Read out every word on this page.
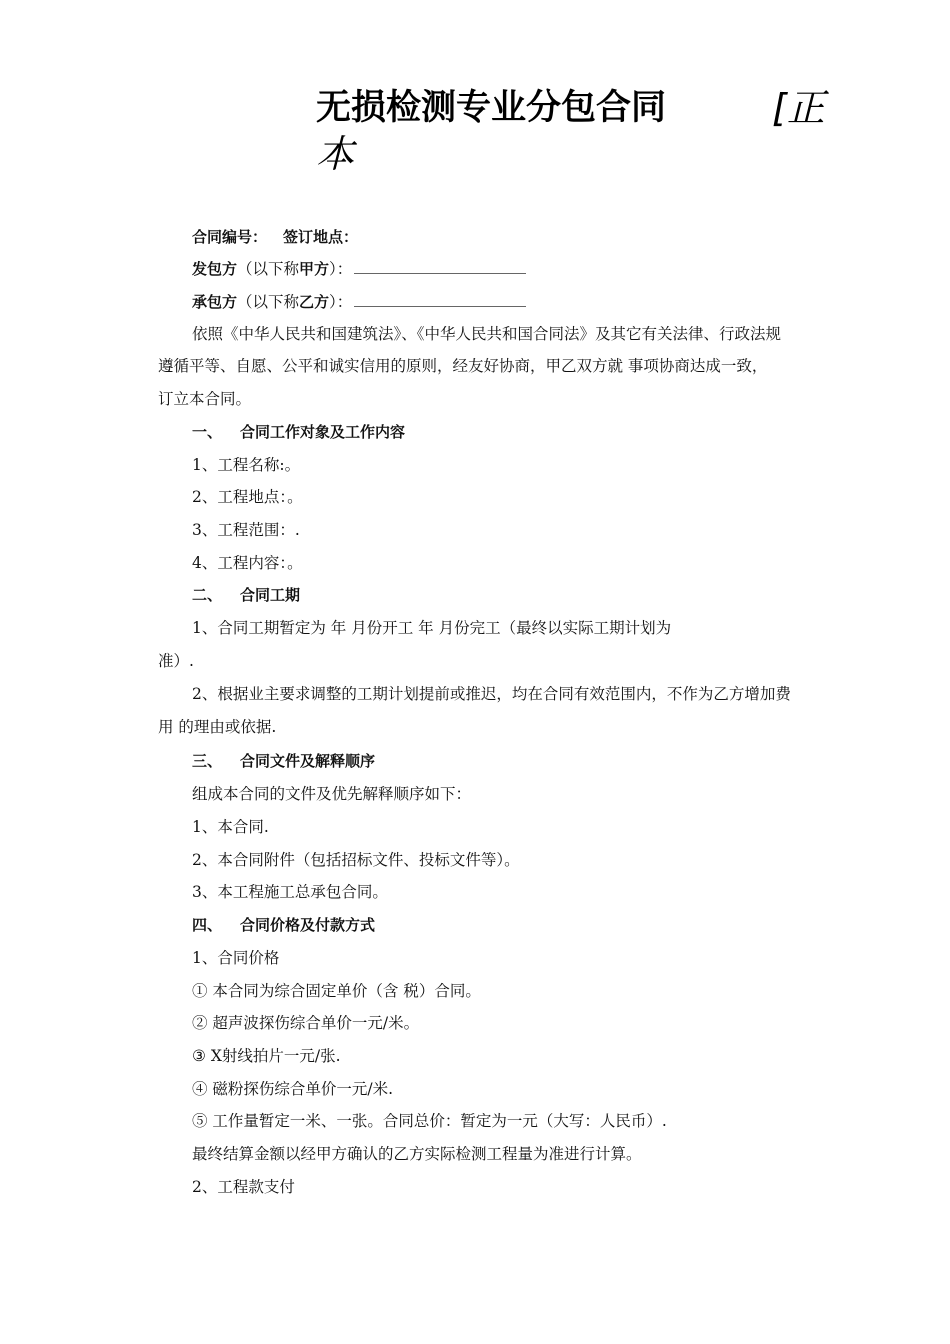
无损检测专业分包合同	[正
本
合同编号： 签订地点：
发包方（以下称甲方）：
承包方（以下称乙方）：
依照《中华人民共和国建筑法》、《中华人民共和国合同法》及其它有关法律、行政法规
遵循平等、自愿、公平和诚实信用的原则，经友好协商，甲乙双方就 事项协商达成一致，
订立本合同。
一、 合同工作对象及工作内容
1、工程名称:。
2、工程地点：。
3、工程范围：.
4、工程内容：。
二、 合同工期
1、合同工期暂定为 年 月份开工 年 月份完工（最终以实际工期计划为
准）.
2、根据业主要求调整的工期计划提前或推迟，均在合同有效范围内，不作为乙方增加费
用 的理由或依据.
三、 合同文件及解释顺序
组成本合同的文件及优先解释顺序如下：
1、本合同.
2、本合同附件（包括招标文件、投标文件等）。
3、本工程施工总承包合同。
四、 合同价格及付款方式
1、合同价格
① 本合同为综合固定单价（含 税）合同。
② 超声波探伤综合单价一元/米。
③ X射线拍片一元/张.
④ 磁粉探伤综合单价一元/米.
⑤ 工作量暂定一米、一张。合同总价：暂定为一元（大写：人民币）.
最终结算金额以经甲方确认的乙方实际检测工程量为准进行计算。
2、工程款支付
